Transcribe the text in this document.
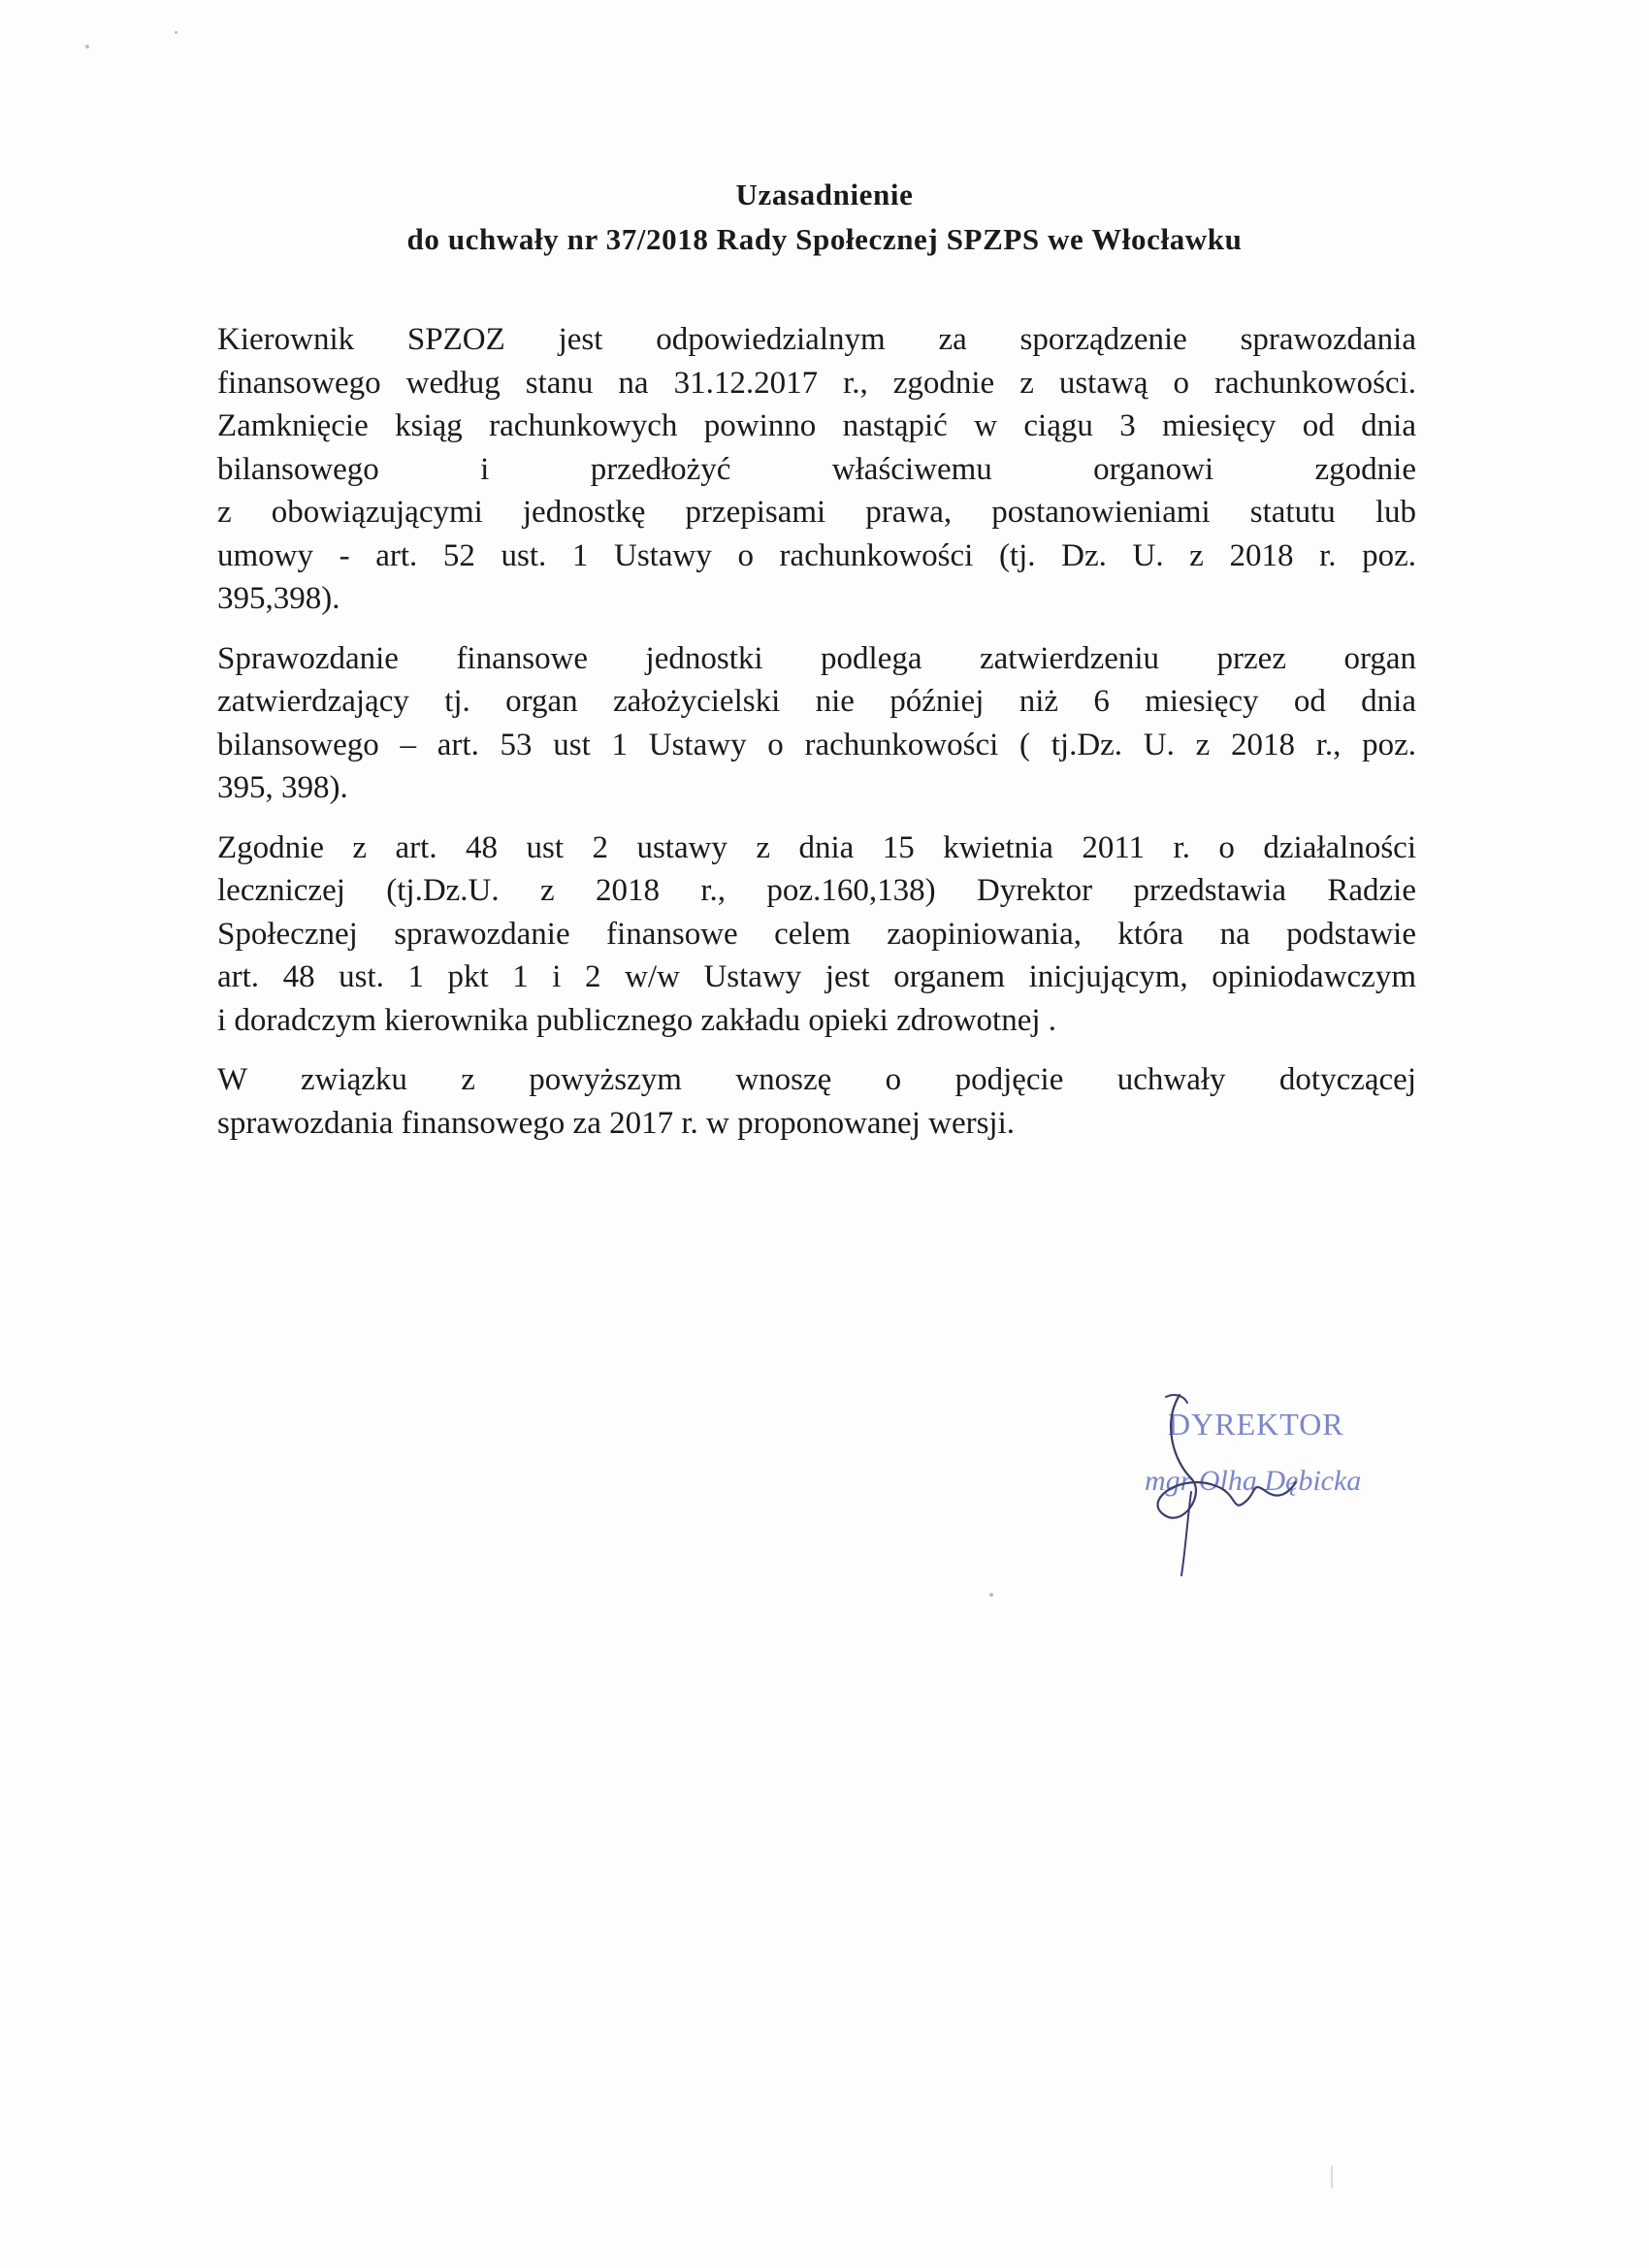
Uzasadnienie
do uchwały nr 37/2018 Rady Społecznej SPZPS we Włocławku
Kierownik SPZOZ jest odpowiedzialnym za sporządzenie sprawozdania
finansowego według stanu na 31.12.2017 r., zgodnie z ustawą o rachunkowości.
Zamknięcie ksiąg rachunkowych powinno nastąpić w ciągu 3 miesięcy od dnia
bilansowego i przedłożyć właściwemu organowi zgodnie
z obowiązującymi jednostkę przepisami prawa, postanowieniami statutu lub
umowy - art. 52 ust. 1 Ustawy o rachunkowości (tj. Dz. U. z 2018 r. poz.
395,398).
Sprawozdanie finansowe jednostki podlega zatwierdzeniu przez organ
zatwierdzający tj. organ założycielski nie później niż 6 miesięcy od dnia
bilansowego – art. 53 ust 1 Ustawy o rachunkowości ( tj.Dz. U. z 2018 r., poz.
395, 398).
Zgodnie z art. 48 ust 2 ustawy z dnia 15 kwietnia 2011 r. o działalności
leczniczej (tj.Dz.U. z 2018 r., poz.160,138) Dyrektor przedstawia Radzie
Społecznej sprawozdanie finansowe celem zaopiniowania, która na podstawie
art. 48 ust. 1 pkt 1 i 2 w/w Ustawy jest organem inicjującym, opiniodawczym
i doradczym kierownika publicznego zakładu opieki zdrowotnej .
W związku z powyższym wnoszę o podjęcie uchwały dotyczącej
sprawozdania finansowego za 2017 r. w proponowanej wersji.
DYREKTOR
mgr Olha Dębicka
